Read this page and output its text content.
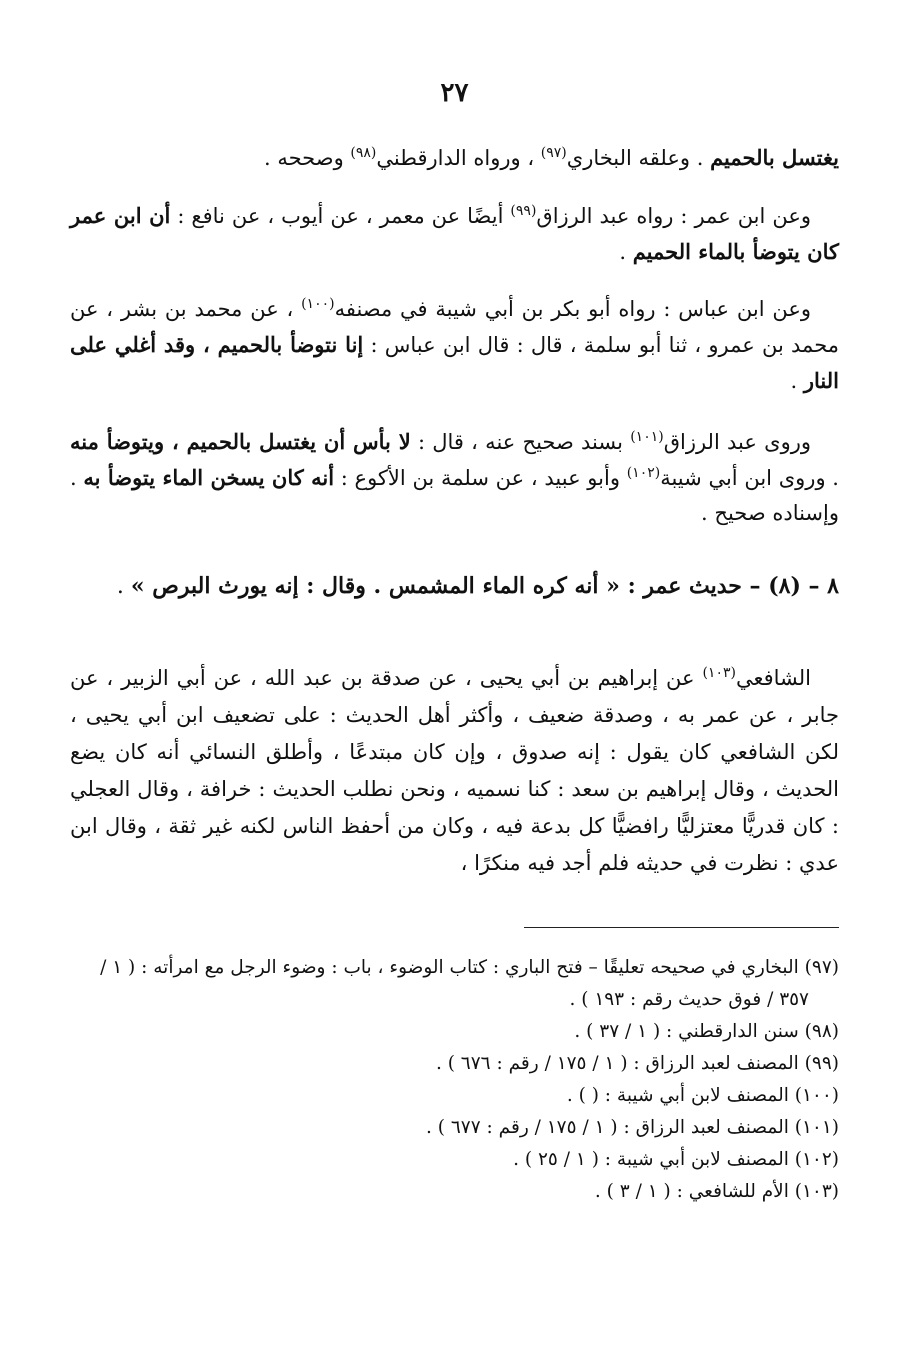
٢٧

يغتسل بالحميم . وعلقه البخاري$^{(٩٧)}$ ، ورواه الدارقطني$^{(٩٨)}$ وصححه .

وعن ابن عمر : رواه عبد الرزاق$^{(٩٩)}$ أيضًا عن معمر ، عن أيوب ، عن نافع : أن ابن عمر كان يتوضأ بالماء الحميم .

وعن ابن عباس : رواه أبو بكر بن أبي شيبة في مصنفه$^{(١٠٠)}$ ، عن محمد بن بشر ، عن محمد بن عمرو ، ثنا أبو سلمة ، قال : قال ابن عباس : إنا نتوضأ بالحميم ، وقد أغلي على النار .

وروى عبد الرزاق$^{(١٠١)}$ بسند صحيح عنه ، قال : لا بأس أن يغتسل بالحميم ، ويتوضأ منه . وروى ابن أبي شيبة$^{(١٠٢)}$ وأبو عبيد ، عن سلمة بن الأكوع : أنه كان يسخن الماء يتوضأ به . وإسناده صحيح .

٨ – (٨) – حديث عمر : « أنه كره الماء المشمس . وقال : إنه يورث البرص » .

الشافعي$^{(١٠٣)}$ عن إبراهيم بن أبي يحيى ، عن صدقة بن عبد الله ، عن أبي الزبير ، عن جابر ، عن عمر به ، وصدقة ضعيف ، وأكثر أهل الحديث : على تضعيف ابن أبي يحيى ، لكن الشافعي كان يقول : إنه صدوق ، وإن كان مبتدعًا ، وأطلق النسائي أنه كان يضع الحديث ، وقال إبراهيم بن سعد : كنا نسميه ، ونحن نطلب الحديث : خرافة ، وقال العجلي : كان قدريًّا معتزليًّا رافضيًّا كل بدعة فيه ، وكان من أحفظ الناس لكنه غير ثقة ، وقال ابن عدي : نظرت في حديثه فلم أجد فيه منكرًا ،

(٩٧) البخاري في صحيحه تعليقًا – فتح الباري : كتاب الوضوء ، باب : وضوء الرجل مع امرأته : ( ١ / ٣٥٧ / فوق حديث رقم : ١٩٣ ) .
(٩٨) سنن الدارقطني : ( ١ / ٣٧ ) .
(٩٩) المصنف لعبد الرزاق : ( ١ / ١٧٥ / رقم : ٦٧٦ ) .
(١٠٠) المصنف لابن أبي شيبة : ( ) .
(١٠١) المصنف لعبد الرزاق : ( ١ / ١٧٥ / رقم : ٦٧٧ ) .
(١٠٢) المصنف لابن أبي شيبة : ( ١ / ٢٥ ) .
(١٠٣) الأم للشافعي : ( ١ / ٣ ) .
